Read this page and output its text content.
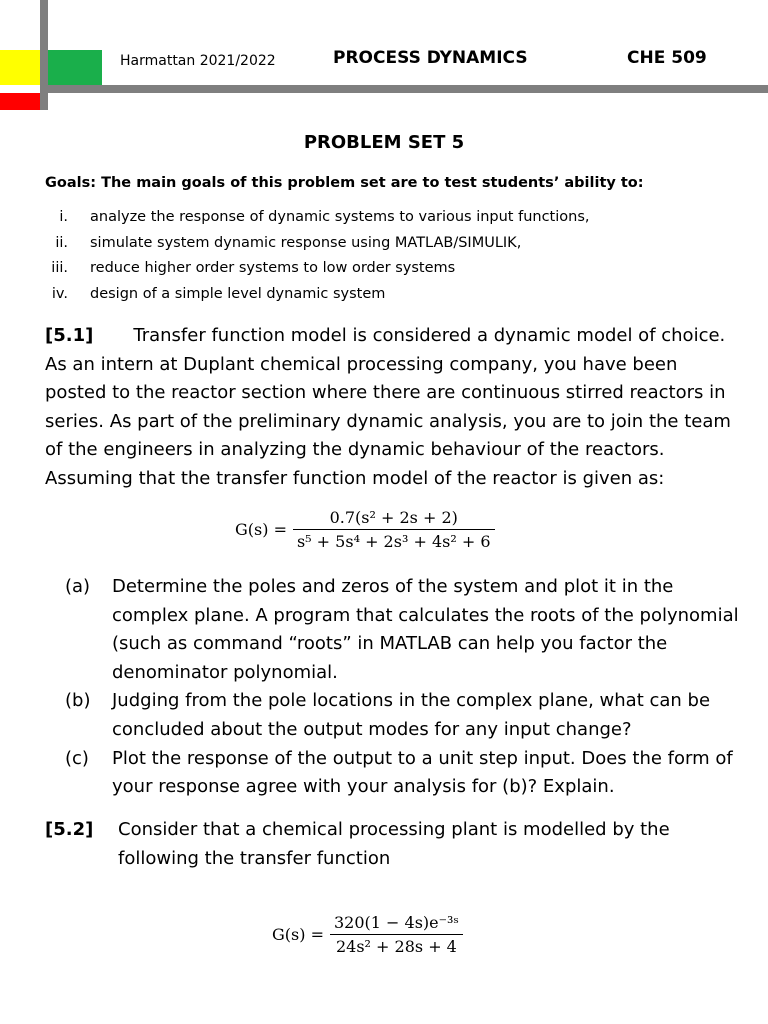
Harmattan 2021/2022	PROCESS DYNAMICS	CHE 509
PROBLEM SET 5
Goals: The main goals of this problem set are to test students’ ability to:
i. analyze the response of dynamic systems to various input functions,
ii. simulate system dynamic response using MATLAB/SIMULIK,
iii. reduce higher order systems to low order systems
iv. design of a simple level dynamic system
[5.1] Transfer function model is considered a dynamic model of choice.
As an intern at Duplant chemical processing company, you have been
posted to the reactor section where there are continuous stirred reactors in
series. As part of the preliminary dynamic analysis, you are to join the team
of the engineers in analyzing the dynamic behaviour of the reactors.
Assuming that the transfer function model of the reactor is given as:
$G(s) = \frac{\text{0.7(s² + 2s + 2)}}{\text{s⁵ + 5s⁴ + 2s³ + 4s² + 6}}$
(a) Determine the poles and zeros of the system and plot it in the complex plane. A program that calculates the roots of the polynomial (such as command “roots” in MATLAB can help you factor the denominator polynomial.
(b) Judging from the pole locations in the complex plane, what can be concluded about the output modes for any input change?
(c) Plot the response of the output to a unit step input. Does the form of your response agree with your analysis for (b)? Explain.
[5.2]	Consider that a chemical processing plant is modelled by the following the transfer function
$G(s) = \frac{\text{320(1 − 4s)e⁻³ˢ}}{\text{24s² + 28s + 4}}$
